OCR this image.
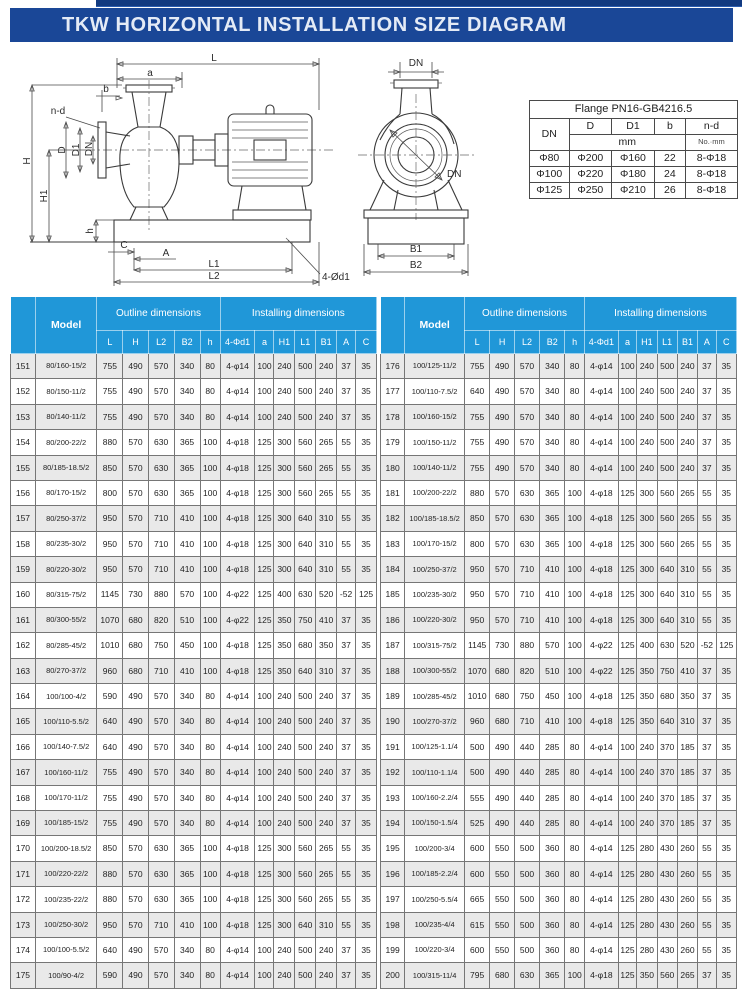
TKW HORIZONTAL INSTALLATION SIZE DIAGRAM
L
a
b
n-d
D D1 DN
H
H1
h
C
A
L1
L2	4-Ød1
DN
DN
B1
B2
Flange PN16-GB4216.5				
DN	D	D1	b	n-d
	mm			No.·mm
Φ80	Φ200	Φ160	22	8-Φ18
Φ100	Φ220	Φ180	24	8-Φ18
Φ125	Φ250	Φ210	26	8-Φ18
	Model	Outline dimensions					Installing dimensions						
		L	H	L2	B2	h	4-Φd1	a	H1	L1	B1	A	C
151	80/160-15/2	755	490	570	340	80	4-φ14	100	240	500	240	37	35
152	80/150-11/2	755	490	570	340	80	4-φ14	100	240	500	240	37	35
153	80/140-11/2	755	490	570	340	80	4-φ14	100	240	500	240	37	35
154	80/200-22/2	880	570	630	365	100	4-φ18	125	300	560	265	55	35
155	80/185-18.5/2	850	570	630	365	100	4-φ18	125	300	560	265	55	35
156	80/170-15/2	800	570	630	365	100	4-φ18	125	300	560	265	55	35
157	80/250-37/2	950	570	710	410	100	4-φ18	125	300	640	310	55	35
158	80/235-30/2	950	570	710	410	100	4-φ18	125	300	640	310	55	35
159	80/220-30/2	950	570	710	410	100	4-φ18	125	300	640	310	55	35
160	80/315-75/2	1145	730	880	570	100	4-φ22	125	400	630	520	-52	125
161	80/300-55/2	1070	680	820	510	100	4-φ22	125	350	750	410	37	35
162	80/285-45/2	1010	680	750	450	100	4-φ18	125	350	680	350	37	35
163	80/270-37/2	960	680	710	410	100	4-φ18	125	350	640	310	37	35
164	100/100-4/2	590	490	570	340	80	4-φ14	100	240	500	240	37	35
165	100/110-5.5/2	640	490	570	340	80	4-φ14	100	240	500	240	37	35
166	100/140-7.5/2	640	490	570	340	80	4-φ14	100	240	500	240	37	35
167	100/160-11/2	755	490	570	340	80	4-φ14	100	240	500	240	37	35
168	100/170-11/2	755	490	570	340	80	4-φ14	100	240	500	240	37	35
169	100/185-15/2	755	490	570	340	80	4-φ14	100	240	500	240	37	35
170	100/200-18.5/2	850	570	630	365	100	4-φ18	125	300	560	265	55	35
171	100/220-22/2	880	570	630	365	100	4-φ18	125	300	560	265	55	35
172	100/235-22/2	880	570	630	365	100	4-φ18	125	300	560	265	55	35
173	100/250-30/2	950	570	710	410	100	4-φ18	125	300	640	310	55	35
174	100/100-5.5/2	640	490	570	340	80	4-φ14	100	240	500	240	37	35
175	100/90-4/2	590	490	570	340	80	4-φ14	100	240	500	240	37	35
	Model	Outline dimensions					Installing dimensions						
		L	H	L2	B2	h	4-Φd1	a	H1	L1	B1	A	C
176	100/125-11/2	755	490	570	340	80	4-φ14	100	240	500	240	37	35
177	100/110-7.5/2	640	490	570	340	80	4-φ14	100	240	500	240	37	35
178	100/160-15/2	755	490	570	340	80	4-φ14	100	240	500	240	37	35
179	100/150-11/2	755	490	570	340	80	4-φ14	100	240	500	240	37	35
180	100/140-11/2	755	490	570	340	80	4-φ14	100	240	500	240	37	35
181	100/200-22/2	880	570	630	365	100	4-φ18	125	300	560	265	55	35
182	100/185-18.5/2	850	570	630	365	100	4-φ18	125	300	560	265	55	35
183	100/170-15/2	800	570	630	365	100	4-φ18	125	300	560	265	55	35
184	100/250-37/2	950	570	710	410	100	4-φ18	125	300	640	310	55	35
185	100/235-30/2	950	570	710	410	100	4-φ18	125	300	640	310	55	35
186	100/220-30/2	950	570	710	410	100	4-φ18	125	300	640	310	55	35
187	100/315-75/2	1145	730	880	570	100	4-φ22	125	400	630	520	-52	125
188	100/300-55/2	1070	680	820	510	100	4-φ22	125	350	750	410	37	35
189	100/285-45/2	1010	680	750	450	100	4-φ18	125	350	680	350	37	35
190	100/270-37/2	960	680	710	410	100	4-φ18	125	350	640	310	37	35
191	100/125-1.1/4	500	490	440	285	80	4-φ14	100	240	370	185	37	35
192	100/110-1.1/4	500	490	440	285	80	4-φ14	100	240	370	185	37	35
193	100/160-2.2/4	555	490	440	285	80	4-φ14	100	240	370	185	37	35
194	100/150-1.5/4	525	490	440	285	80	4-φ14	100	240	370	185	37	35
195	100/200-3/4	600	550	500	360	80	4-φ14	125	280	430	260	55	35
196	100/185-2.2/4	600	550	500	360	80	4-φ14	125	280	430	260	55	35
197	100/250-5.5/4	665	550	500	360	80	4-φ14	125	280	430	260	55	35
198	100/235-4/4	615	550	500	360	80	4-φ14	125	280	430	260	55	35
199	100/220-3/4	600	550	500	360	80	4-φ14	125	280	430	260	55	35
200	100/315-11/4	795	680	630	365	100	4-φ18	125	350	560	265	37	35
